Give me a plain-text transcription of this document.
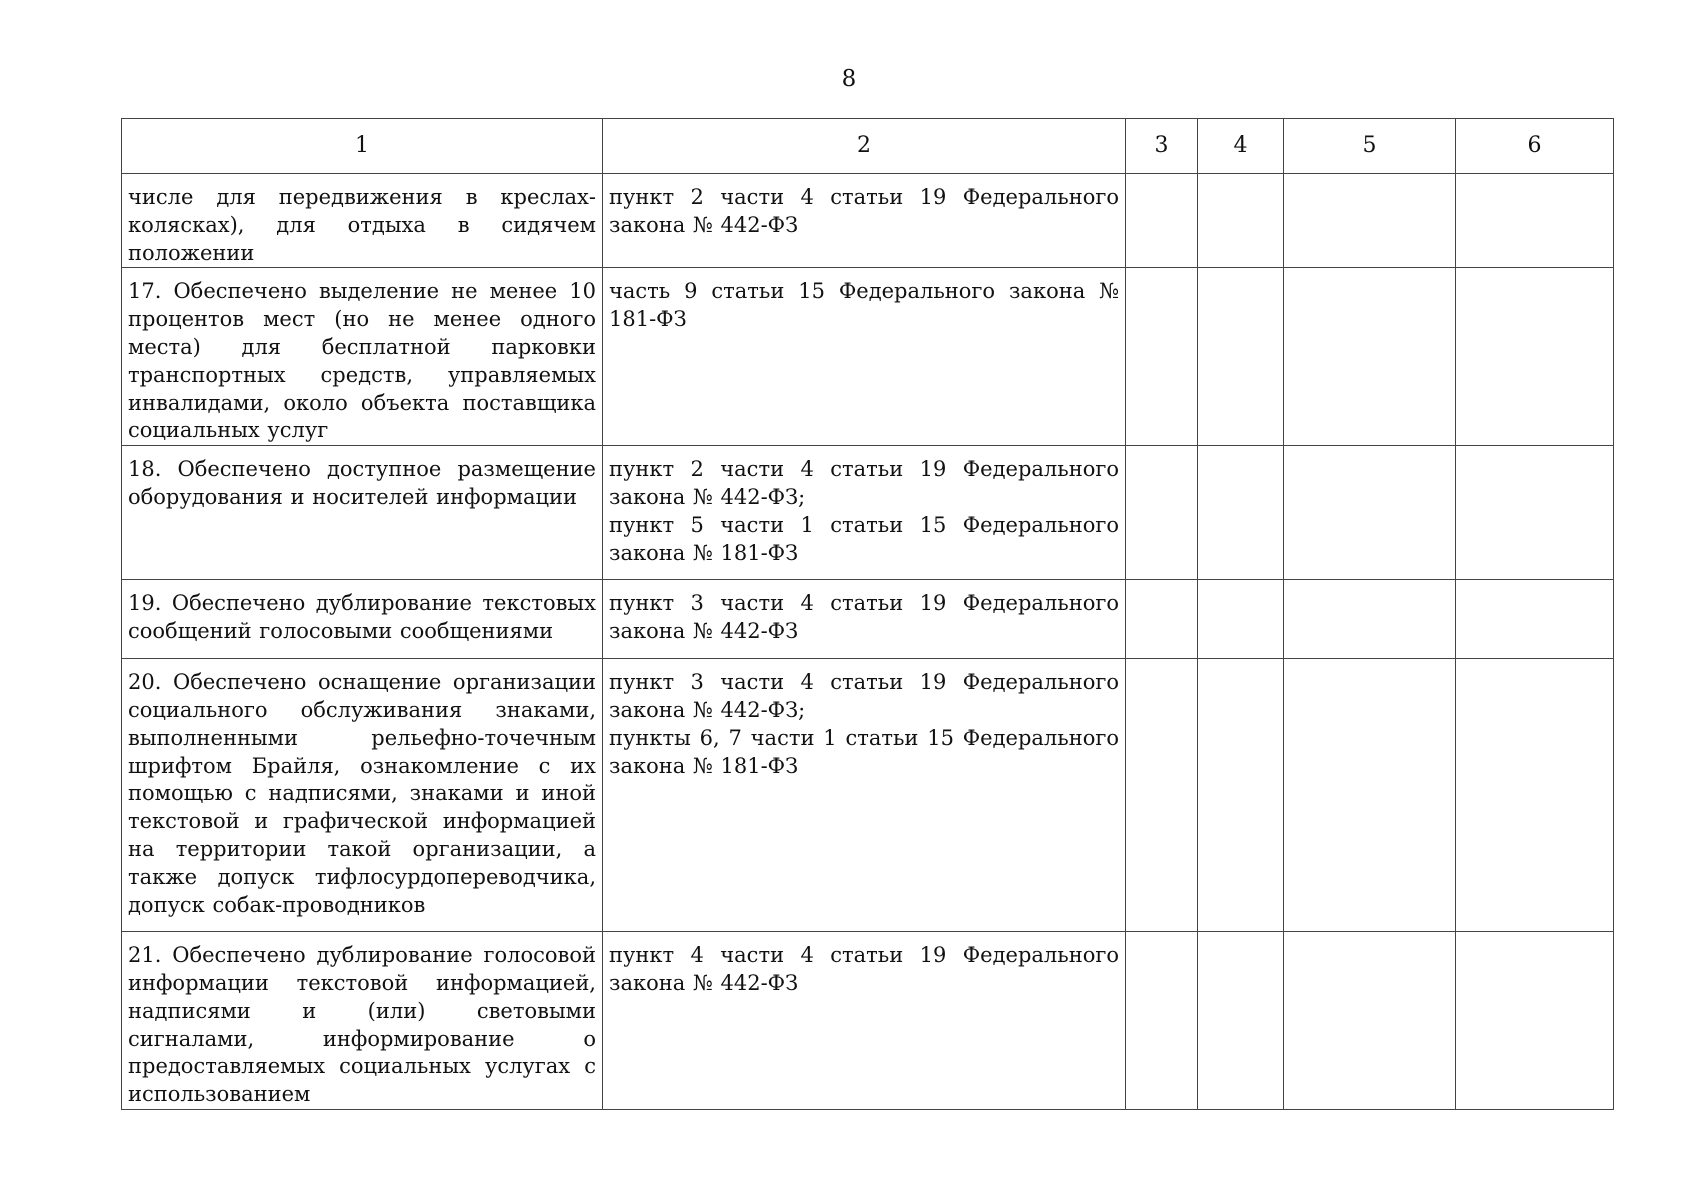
8
1	2	3	4	5	6
числе для передвижения в креслах-колясках), для отдыха в сидячем положении	пункт 2 части 4 статьи 19 Федерального закона № 442-ФЗ				
17. Обеспечено выделение не менее 10 процентов мест (но не менее одного места) для бесплатной парковки транспортных средств, управляемых инвалидами, около объекта поставщика социальных услуг	часть 9 статьи 15 Федерального закона № 181-ФЗ				
18. Обеспечено доступное размещение оборудования и носителей информации	пункт 2 части 4 статьи 19 Федерального закона № 442-ФЗ;
пункт 5 части 1 статьи 15 Федерального закона № 181-ФЗ				

19. Обеспечено дублирование текстовых сообщений голосовыми сообщениями	пункт 3 части 4 статьи 19 Федерального закона № 442-ФЗ				
20. Обеспечено оснащение организации социального обслуживания знаками, выполненными рельефно-точечным шрифтом Брайля, ознакомление с их помощью с надписями, знаками и иной текстовой и графической информацией на территории такой организации, а также допуск тифлосурдопереводчика, допуск собак-проводников	пункт 3 части 4 статьи 19 Федерального закона № 442-ФЗ;
пункты 6, 7 части 1 статьи 15 Федерального закона № 181-ФЗ				

21. Обеспечено дублирование голосовой информации текстовой информацией, надписями и (или) световыми сигналами, информирование о предоставляемых социальных услугах с использованием	пункт 4 части 4 статьи 19 Федерального закона № 442-ФЗ				
